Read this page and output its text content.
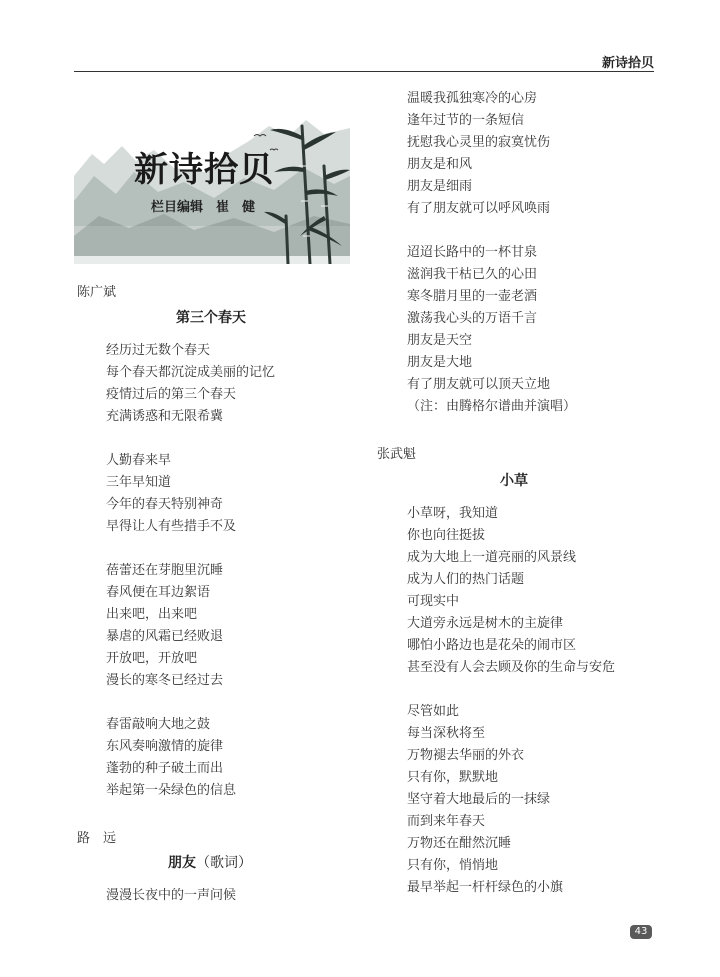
新诗拾贝
新诗拾贝
栏目编辑　崔　健
陈广斌
第三个春天
经历过无数个春天
每个春天都沉淀成美丽的记忆
疫情过后的第三个春天
充满诱惑和无限希冀
人勤春来早
三年早知道
今年的春天特别神奇
早得让人有些措手不及
蓓蕾还在芽胞里沉睡
春风便在耳边絮语
出来吧，出来吧
暴虐的风霜已经败退
开放吧，开放吧
漫长的寒冬已经过去
春雷敲响大地之鼓
东风奏响激情的旋律
蓬勃的种子破土而出
举起第一朵绿色的信息
路　远
朋友（歌词）
漫漫长夜中的一声问候
温暖我孤独寒冷的心房
逢年过节的一条短信
抚慰我心灵里的寂寞忧伤
朋友是和风
朋友是细雨
有了朋友就可以呼风唤雨
迢迢长路中的一杯甘泉
滋润我干枯已久的心田
寒冬腊月里的一壶老酒
激荡我心头的万语千言
朋友是天空
朋友是大地
有了朋友就可以顶天立地
（注：由腾格尔谱曲并演唱）
张武魁
小草
小草呀，我知道
你也向往挺拔
成为大地上一道亮丽的风景线
成为人们的热门话题
可现实中
大道旁永远是树木的主旋律
哪怕小路边也是花朵的闹市区
甚至没有人会去顾及你的生命与安危
尽管如此
每当深秋将至
万物褪去华丽的外衣
只有你，默默地
坚守着大地最后的一抹绿
而到来年春天
万物还在酣然沉睡
只有你，悄悄地
最早举起一杆杆绿色的小旗
43
